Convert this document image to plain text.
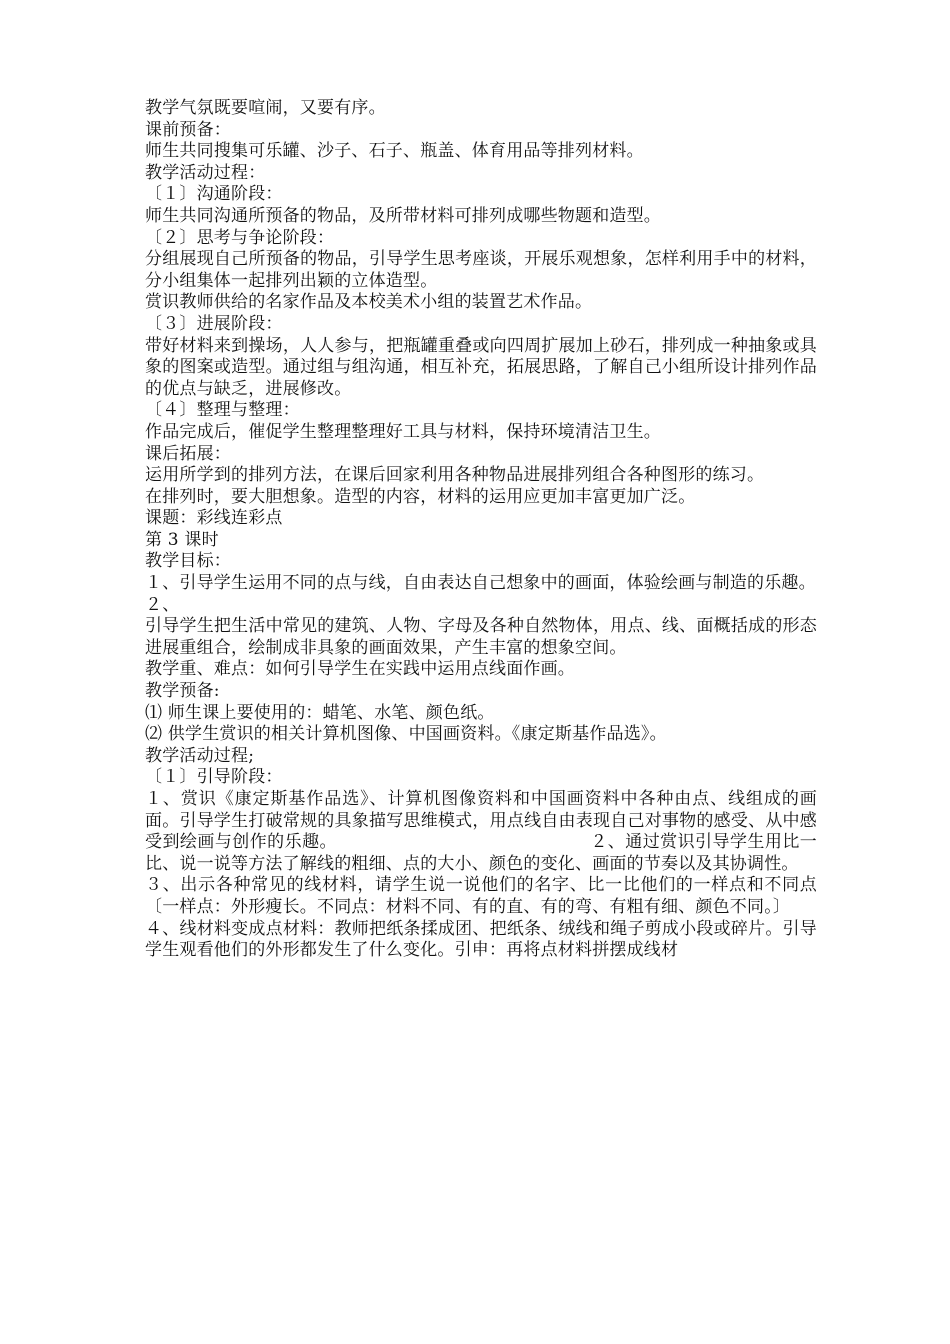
教学气氛既要喧闹，又要有序。

课前预备：

师生共同搜集可乐罐、沙子、石子、瓶盖、体育用品等排列材料。

教学活动过程：

〔１〕沟通阶段：

师生共同沟通所预备的物品，及所带材料可排列成哪些物题和造型。

〔２〕思考与争论阶段：

分组展现自己所预备的物品，引导学生思考座谈，开展乐观想象，怎样利用手中的材料，分小组集体一起排列出颖的立体造型。

赏识教师供给的名家作品及本校美术小组的装置艺术作品。

〔３〕进展阶段：

带好材料来到操场，人人参与，把瓶罐重叠或向四周扩展加上砂石，排列成一种抽象或具象的图案或造型。通过组与组沟通，相互补充，拓展思路，了解自己小组所设计排列作品的优点与缺乏，进展修改。

〔４〕整理与整理：

作品完成后，催促学生整理整理好工具与材料，保持环境清洁卫生。

课后拓展：

运用所学到的排列方法，在课后回家利用各种物品进展排列组合各种图形的练习。

在排列时，要大胆想象。造型的内容，材料的运用应更加丰富更加广泛。

课题：彩线连彩点

第 3 课时

教学目标：

１、引导学生运用不同的点与线，自由表达自己想象中的画面，体验绘画与制造的乐趣。

２、

引导学生把生活中常见的建筑、人物、字母及各种自然物体，用点、线、面概括成的形态进展重组合，绘制成非具象的画面效果，产生丰富的想象空间。

教学重、难点：如何引导学生在实践中运用点线面作画。

教学预备:

⑴ 师生课上要使用的：蜡笔、水笔、颜色纸。

⑵ 供学生赏识的相关计算机图像、中国画资料。《康定斯基作品选》。

教学活动过程;

〔１〕引导阶段：

１、赏识《康定斯基作品选》、计算机图像资料和中国画资料中各种由点、线组成的画面。引导学生打破常规的具象描写思维模式，用点线自由表现自己对事物的感受、从中感受到绘画与创作的乐趣。　　　　　　　　　　　　　　　２、通过赏识引导学生用比一比、说一说等方法了解线的粗细、点的大小、颜色的变化、画面的节奏以及其协调性。

３、出示各种常见的线材料，请学生说一说他们的名字、比一比他们的一样点和不同点〔一样点：外形瘦长。不同点：材料不同、有的直、有的弯、有粗有细、颜色不同。〕

４、线材料变成点材料：教师把纸条揉成团、把纸条、绒线和绳子剪成小段或碎片。引导学生观看他们的外形都发生了什么变化。引申：再将点材料拼摆成线材
